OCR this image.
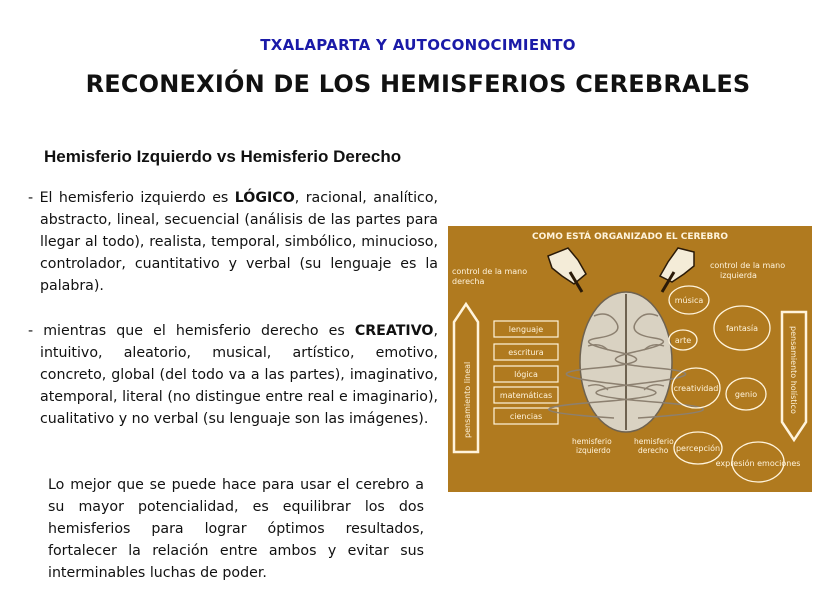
TXALAPARTA Y AUTOCONOCIMIENTO
RECONEXIÓN DE LOS HEMISFERIOS CEREBRALES
Hemisferio Izquierdo vs Hemisferio Derecho
- El hemisferio izquierdo es LÓGICO, racional, analítico, abstracto, lineal, secuencial (análisis de las partes para llegar al todo), realista, temporal, simbólico, minucioso, controlador, cuantitativo y verbal (su lenguaje es la palabra).
- mientras que el hemisferio derecho es CREATIVO, intuitivo, aleatorio, musical, artístico, emotivo, concreto, global (del todo va a las partes), imaginativo, atemporal, literal (no distingue entre real e imaginario), cualitativo y no verbal (su lenguaje son las imágenes).
Lo mejor que se puede hace para usar el cerebro a su mayor potencialidad, es equilibrar los dos hemisferios para lograr óptimos resultados, fortalecer la relación entre ambos y evitar sus interminables luchas de poder.
COMO ESTÁ ORGANIZADO EL CEREBRO
control de la mano derecha
control de la mano izquierda
pensamiento lineal	pensamiento holístico
lenguaje
escritura
lógica
matemáticas
ciencias
hemisferio izquierdo
hemisferio derecho
música
arte
fantasía
creatividad
genio
percepción
expresión emociones
